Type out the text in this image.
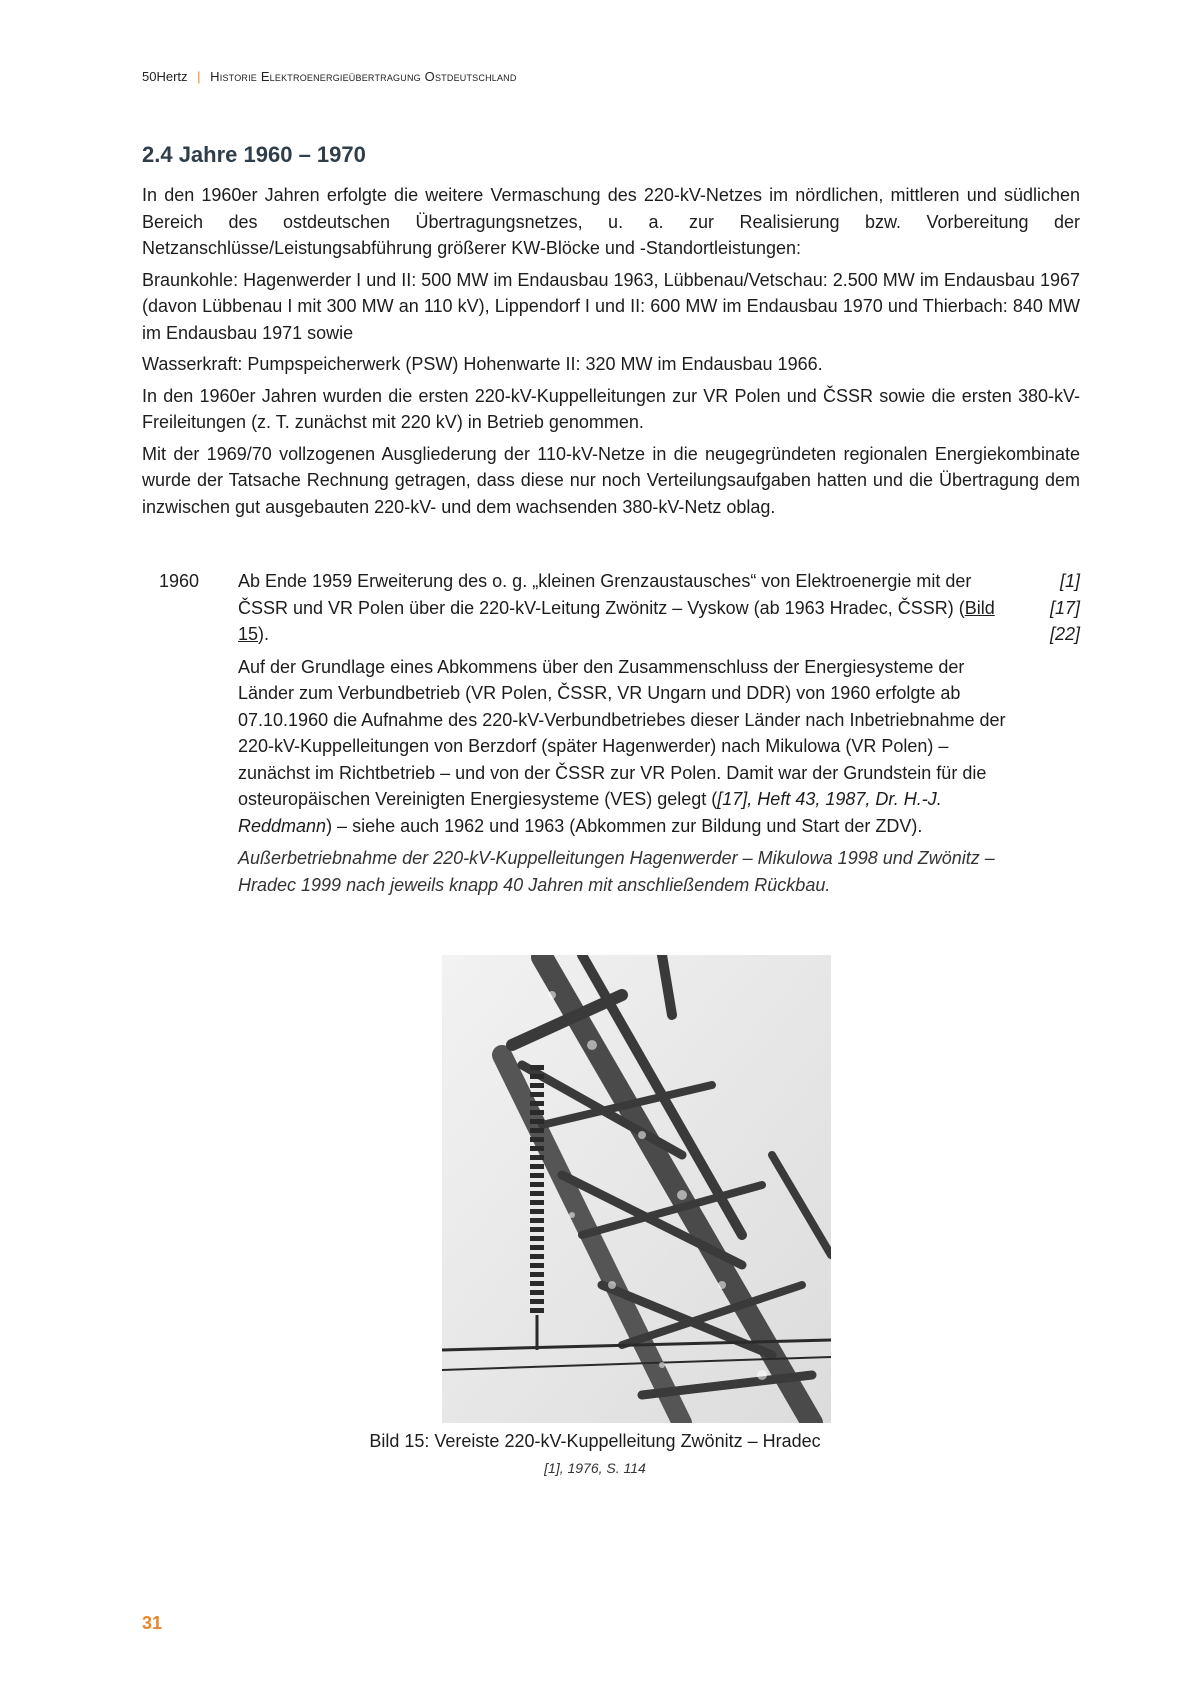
50Hertz | Historie Elektroenergieübertragung Ostdeutschland
2.4 Jahre 1960 – 1970

In den 1960er Jahren erfolgte die weitere Vermaschung des 220-kV-Netzes im nördlichen, mittleren und südlichen Bereich des ostdeutschen Übertragungsnetzes, u. a. zur Realisierung bzw. Vorbereitung der Netzanschlüsse/Leistungsabführung größerer KW-Blöcke und -Standortleistungen:

Braunkohle: Hagenwerder I und II: 500 MW im Endausbau 1963, Lübbenau/Vetschau: 2.500 MW im Endausbau 1967 (davon Lübbenau I mit 300 MW an 110 kV), Lippendorf I und II: 600 MW im Endausbau 1970 und Thierbach: 840 MW im Endausbau 1971 sowie

Wasserkraft: Pumpspeicherwerk (PSW) Hohenwarte II: 320 MW im Endausbau 1966.

In den 1960er Jahren wurden die ersten 220-kV-Kuppelleitungen zur VR Polen und ČSSR sowie die ersten 380-kV-Freileitungen (z. T. zunächst mit 220 kV) in Betrieb genommen.

Mit der 1969/70 vollzogenen Ausgliederung der 110-kV-Netze in die neugegründeten regionalen Energiekombinate wurde der Tatsache Rechnung getragen, dass diese nur noch Verteilungsaufgaben hatten und die Übertragung dem inzwischen gut ausgebauten 220-kV- und dem wachsenden 380-kV-Netz oblag.

1960 Ab Ende 1959 Erweiterung des o. g. „kleinen Grenzaustausches“ von Elektroenergie mit der ČSSR und VR Polen über die 220-kV-Leitung Zwönitz – Vyskow (ab 1963 Hradec, ČSSR) (Bild 15).

Auf der Grundlage eines Abkommens über den Zusammenschluss der Energiesysteme der Länder zum Verbundbetrieb (VR Polen, ČSSR, VR Ungarn und DDR) von 1960 erfolgte ab 07.10.1960 die Aufnahme des 220-kV-Verbundbetriebes dieser Länder nach Inbetriebnahme der 220-kV-Kuppelleitungen von Berzdorf (später Hagenwerder) nach Mikulowa (VR Polen) – zunächst im Richtbetrieb – und von der ČSSR zur VR Polen. Damit war der Grundstein für die osteuropäischen Vereinigten Energiesysteme (VES) gelegt ([17], Heft 43, 1987, Dr. H.-J. Reddmann) – siehe auch 1962 und 1963 (Abkommen zur Bildung und Start der ZDV).

Außerbetriebnahme der 220-kV-Kuppelleitungen Hagenwerder – Mikulowa 1998 und Zwönitz – Hradec 1999 nach jeweils knapp 40 Jahren mit anschließendem Rückbau.

[1]
[17]
[22]
Bild 15: Vereiste 220-kV-Kuppelleitung Zwönitz – Hradec
[1], 1976, S. 114
31
